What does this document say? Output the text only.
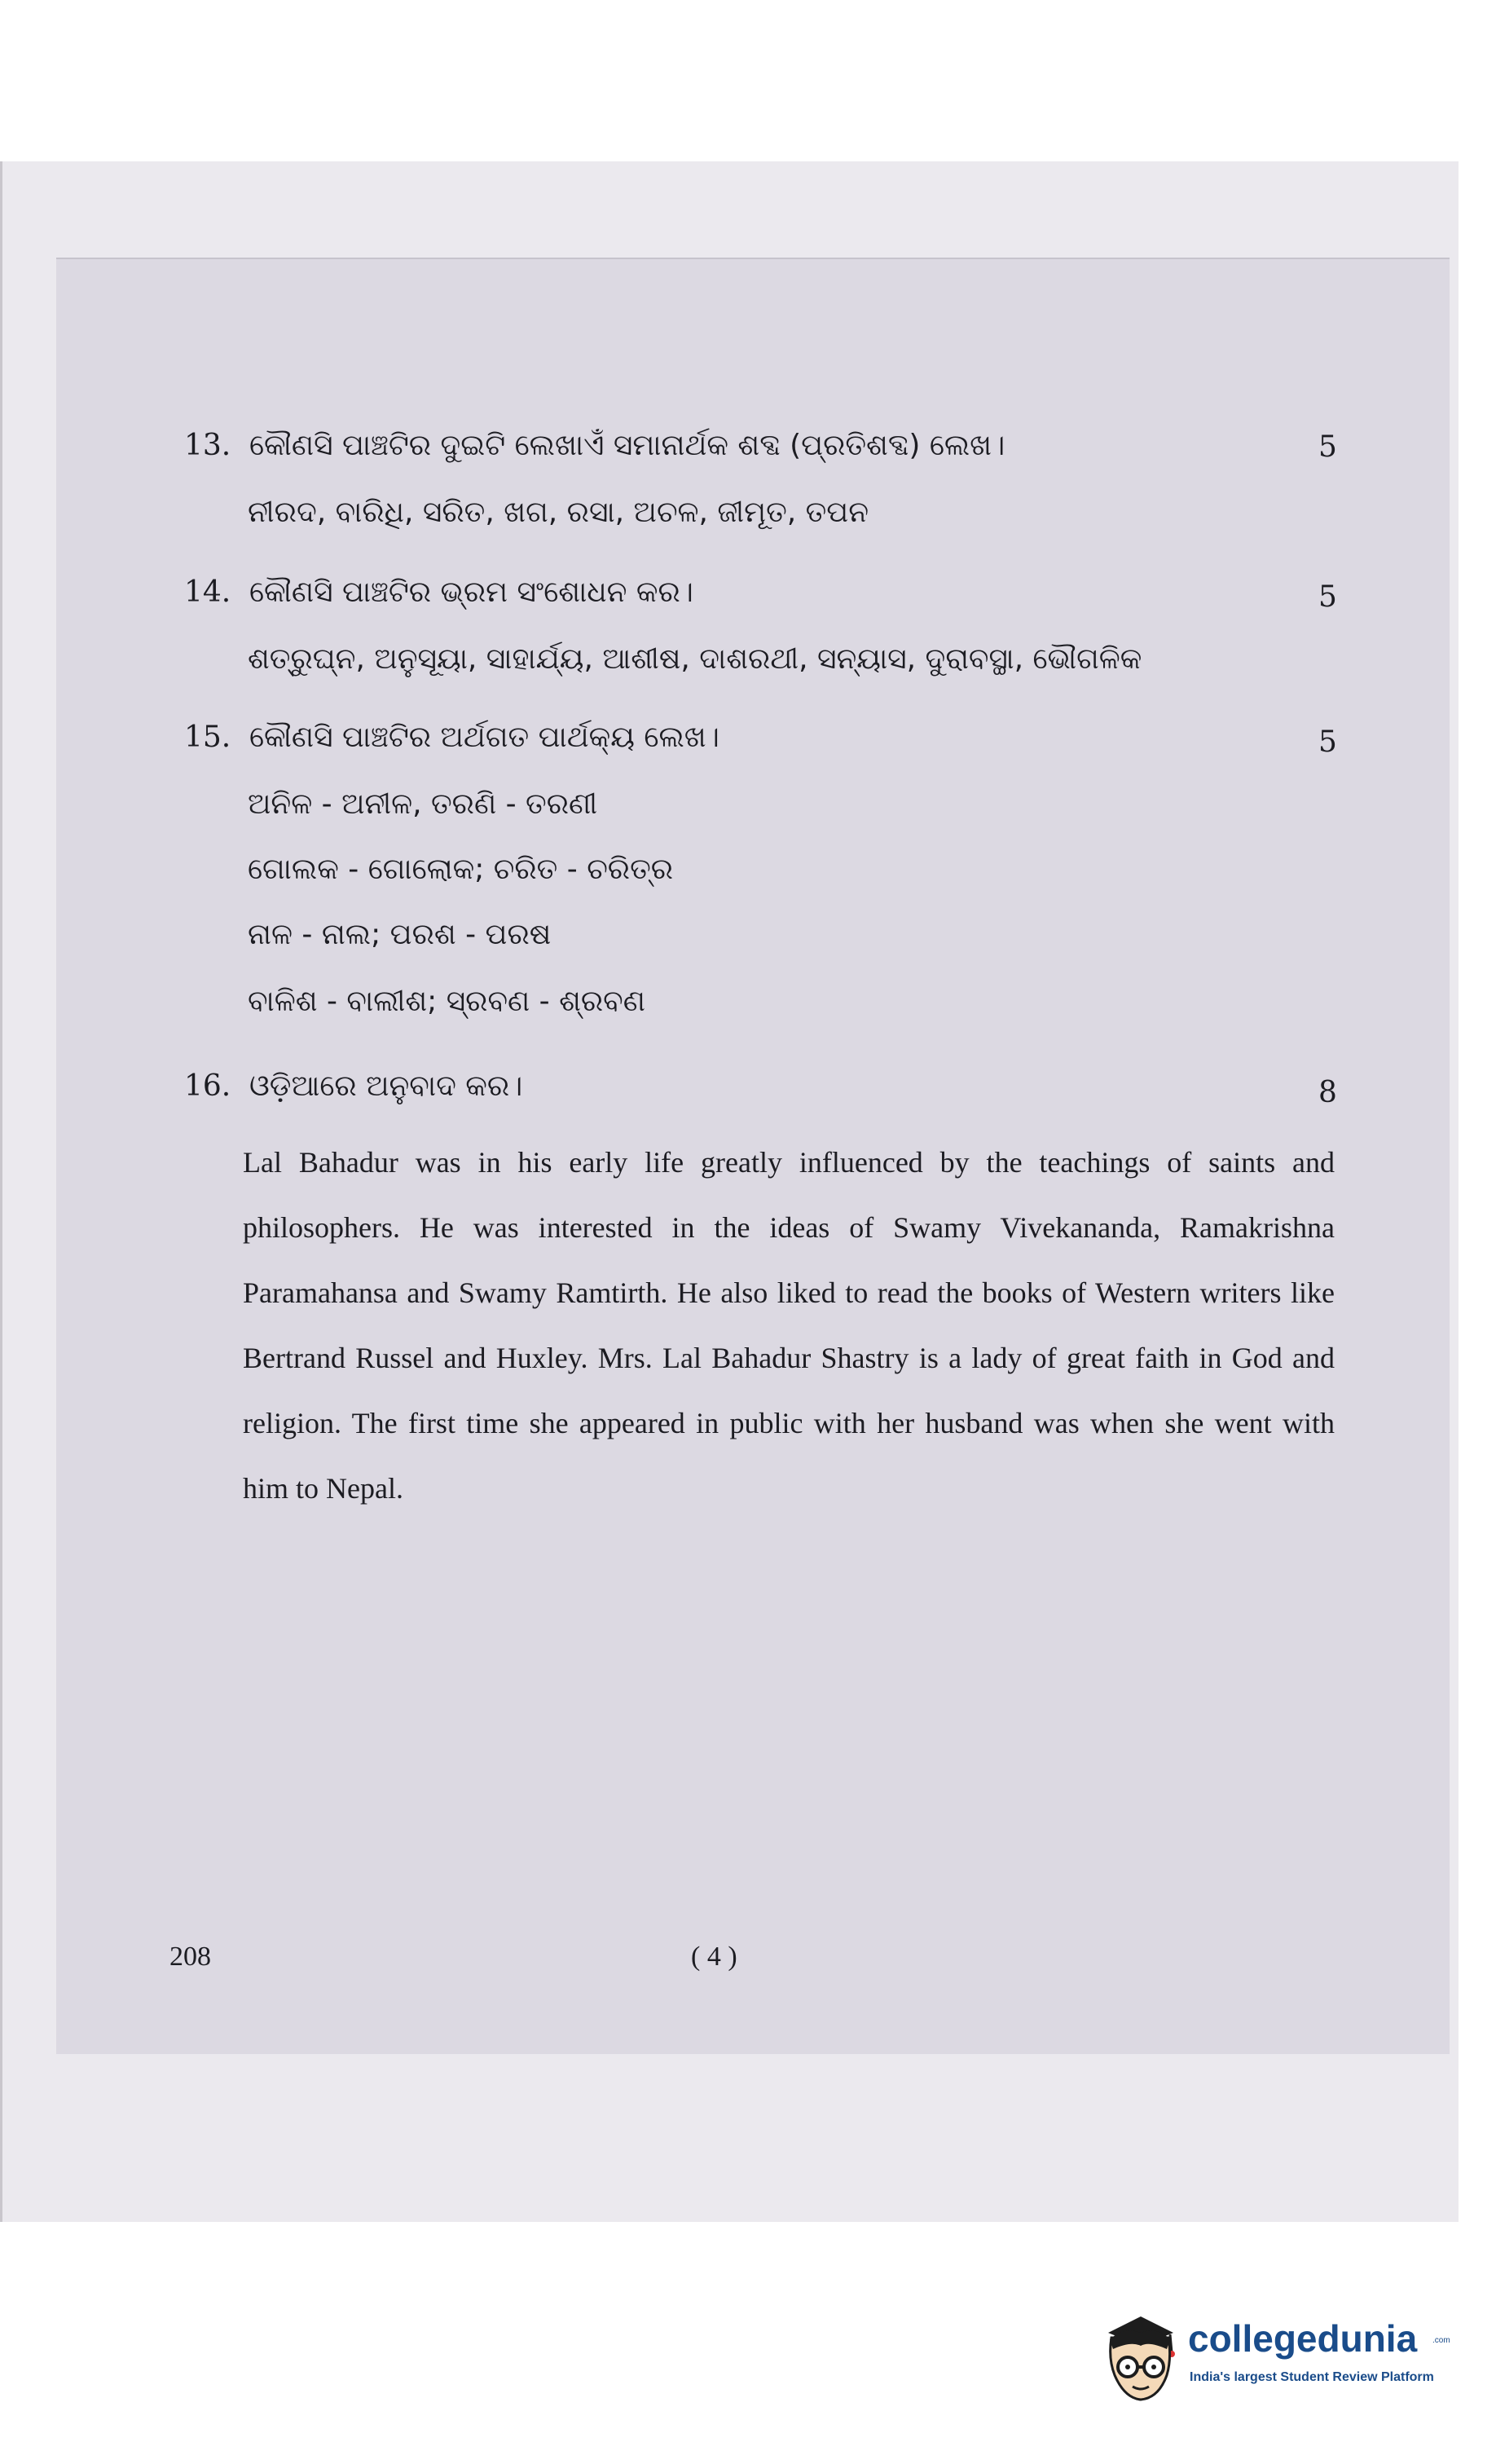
13. କୌଣସି ପାଞ୍ଚଟିର ଦୁଇଟି ଲେଖାଏଁ ସମାନାର୍ଥକ ଶବ୍ଦ (ପ୍ରତିଶବ୍ଦ) ଲେଖ।	5
ନୀରଦ, ବାରିଧି, ସରିତ, ଖଗ, ରସା, ଅଚଳ, ଜୀମୂତ, ତପନ
14. କୌଣସି ପାଞ୍ଚଟିର ଭ୍ରମ ସଂଶୋଧନ କର।	5
ଶତ୍ରୁଘ୍ନ, ଅନୁସୂୟା, ସାହାର୍ଯ୍ୟ, ଆଶୀଷ, ଦାଶରଥୀ, ସନ୍ୟାସ, ଦୁରାବସ୍ଥା, ଭୌଗଳିକ
15. କୌଣସି ପାଞ୍ଚଟିର ଅର୍ଥଗତ ପାର୍ଥକ୍ୟ ଲେଖ।	5
ଅନିଳ - ଅନୀଳ, ତରଣି - ତରଣୀ
ଗୋଲକ - ଗୋଲୋକ; ଚରିତ - ଚରିତ୍ର
ନାଳ - ନାଲ; ପରଶ - ପରଷ
ବାଳିଶ - ବାଲୀଶ; ସ୍ରବଣ - ଶ୍ରବଣ
16. ଓଡ଼ିଆରେ ଅନୁବାଦ କର।	8
Lal Bahadur was in his early life greatly influenced by the teachings of saints and philosophers. He was interested in the ideas of Swamy Vivekananda, Ramakrishna Paramahansa and Swamy Ramtirth. He also liked to read the books of Western writers like Bertrand Russel and Huxley. Mrs. Lal Bahadur Shastry is a lady of great faith in God and religion. The first time she appeared in public with her husband was when she went with him to Nepal.
208	( 4 )
collegedunia .com
India's largest Student Review Platform
